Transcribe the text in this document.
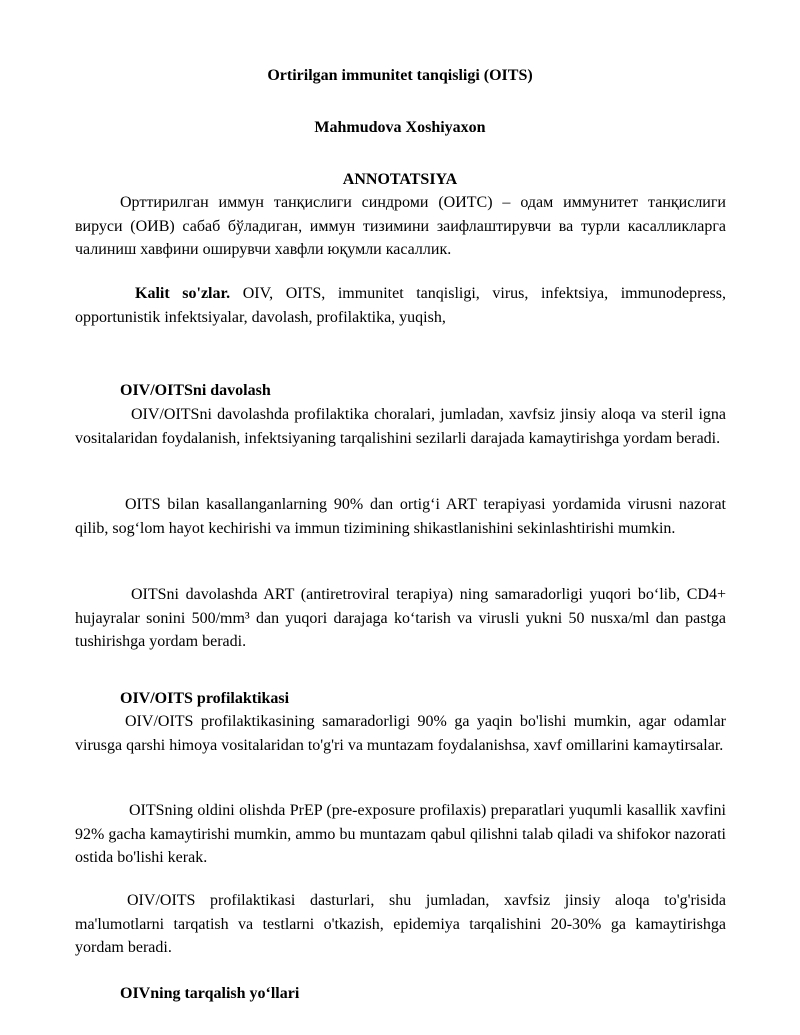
Ortirilgan immunitet tanqisligi (OITS)
Mahmudova Xoshiyaxon
ANNOTATSIYA
Орттирилган иммун танқислиги синдроми (ОИТС) – одам иммунитет танқислиги вируси (ОИВ) сабаб бўладиган, иммун тизимини заифлаштирувчи ва турли касалликларга чалиниш хавфини оширувчи хавфли юқумли касаллик.
Kalit so'zlar. OIV, OITS, immunitet tanqisligi, virus, infektsiya, immunodepress, opportunistik infektsiyalar, davolash, profilaktika, yuqish,
OIV/OITSni davolash
OIV/OITSni davolashda profilaktika choralari, jumladan, xavfsiz jinsiy aloqa va steril igna vositalaridan foydalanish, infektsiyaning tarqalishini sezilarli darajada kamaytirishga yordam beradi.
OITS bilan kasallanganlarning 90% dan ortig‘i ART terapiyasi yordamida virusni nazorat qilib, sog‘lom hayot kechirishi va immun tizimining shikastlanishini sekinlashtirishi mumkin.
OITSni davolashda ART (antiretroviral terapiya) ning samaradorligi yuqori bo‘lib, CD4+ hujayralar sonini 500/mm³ dan yuqori darajaga ko‘tarish va virusli yukni 50 nusxa/ml dan pastga tushirishga yordam beradi.
OIV/OITS profilaktikasi
OIV/OITS profilaktikasining samaradorligi 90% ga yaqin bo'lishi mumkin, agar odamlar virusga qarshi himoya vositalaridan to'g'ri va muntazam foydalanishsa, xavf omillarini kamaytirsalar.
OITSning oldini olishda PrEP (pre-exposure profilaxis) preparatlari yuqumli kasallik xavfini 92% gacha kamaytirishi mumkin, ammo bu muntazam qabul qilishni talab qiladi va shifokor nazorati ostida bo'lishi kerak.
OIV/OITS profilaktikasi dasturlari, shu jumladan, xavfsiz jinsiy aloqa to'g'risida ma'lumotlarni tarqatish va testlarni o'tkazish, epidemiya tarqalishini 20-30% ga kamaytirishga yordam beradi.
OIVning tarqalish yo‘llari
